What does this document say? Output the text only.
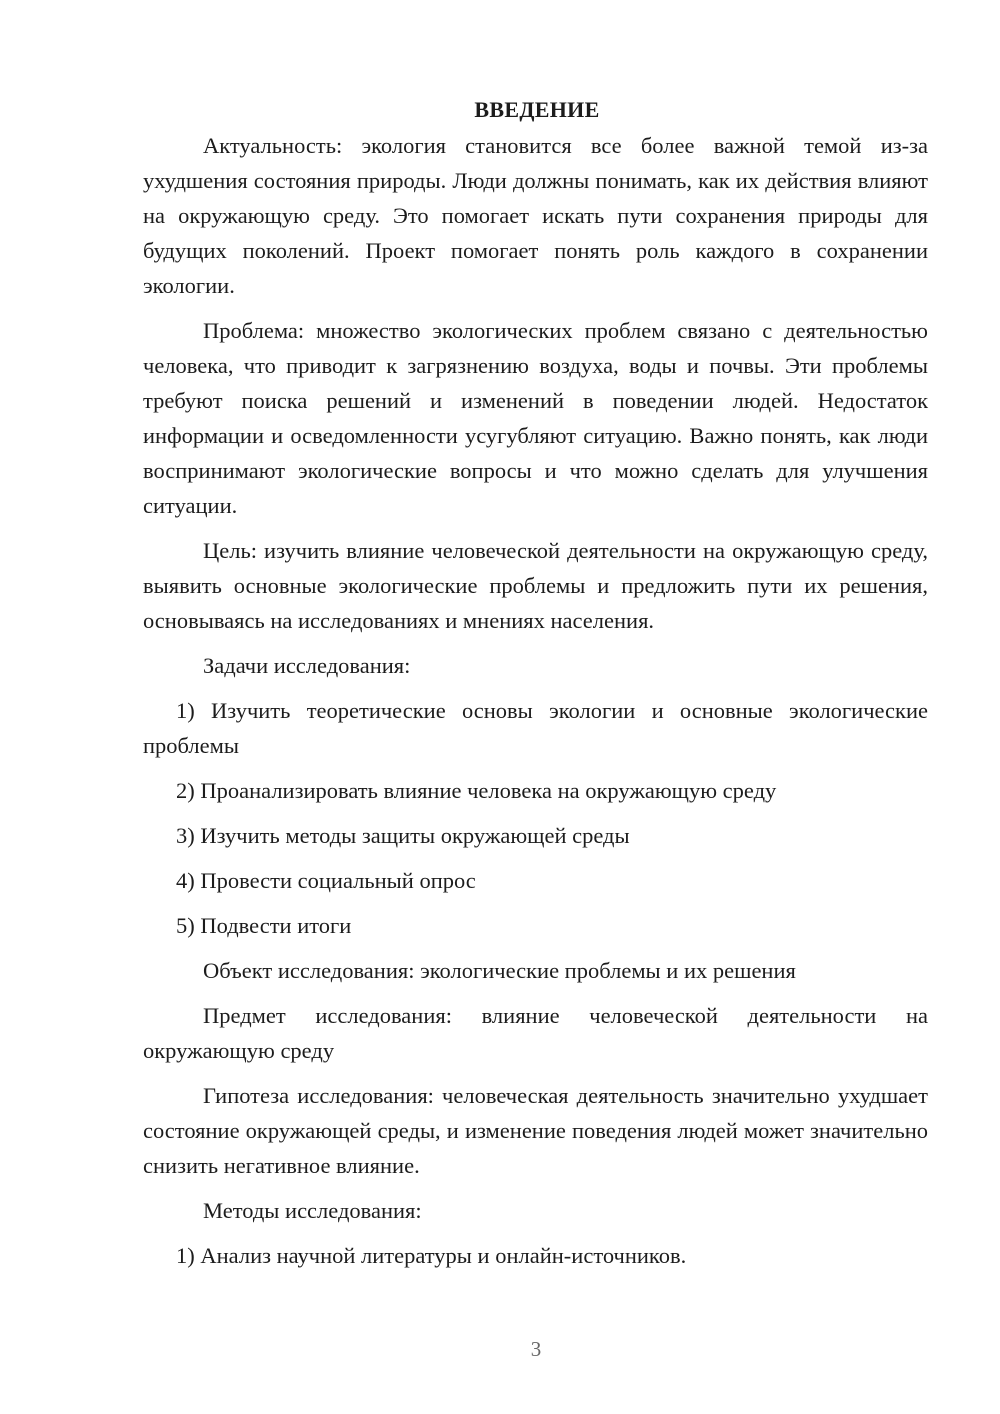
ВВЕДЕНИЕ
Актуальность: экология становится все более важной темой из-за ухудшения состояния природы. Люди должны понимать, как их действия влияют на окружающую среду. Это помогает искать пути сохранения природы для будущих поколений. Проект помогает понять роль каждого в сохранении экологии.
Проблема: множество экологических проблем связано с деятельностью человека, что приводит к загрязнению воздуха, воды и почвы. Эти проблемы требуют поиска решений и изменений в поведении людей. Недостаток информации и осведомленности усугубляют ситуацию. Важно понять, как люди воспринимают экологические вопросы и что можно сделать для улучшения ситуации.
Цель: изучить влияние человеческой деятельности на окружающую среду, выявить основные экологические проблемы и предложить пути их решения, основываясь на исследованиях и мнениях населения.
Задачи исследования:
1) Изучить теоретические основы экологии и основные экологические проблемы
2) Проанализировать влияние человека на окружающую среду
3) Изучить методы защиты окружающей среды
4) Провести социальный опрос
5) Подвести итоги
Объект исследования: экологические проблемы и их решения
Предмет исследования: влияние человеческой деятельности на окружающую среду
Гипотеза исследования: человеческая деятельность значительно ухудшает состояние окружающей среды, и изменение поведения людей может значительно снизить негативное влияние.
Методы исследования:
1) Анализ научной литературы и онлайн-источников.
3
